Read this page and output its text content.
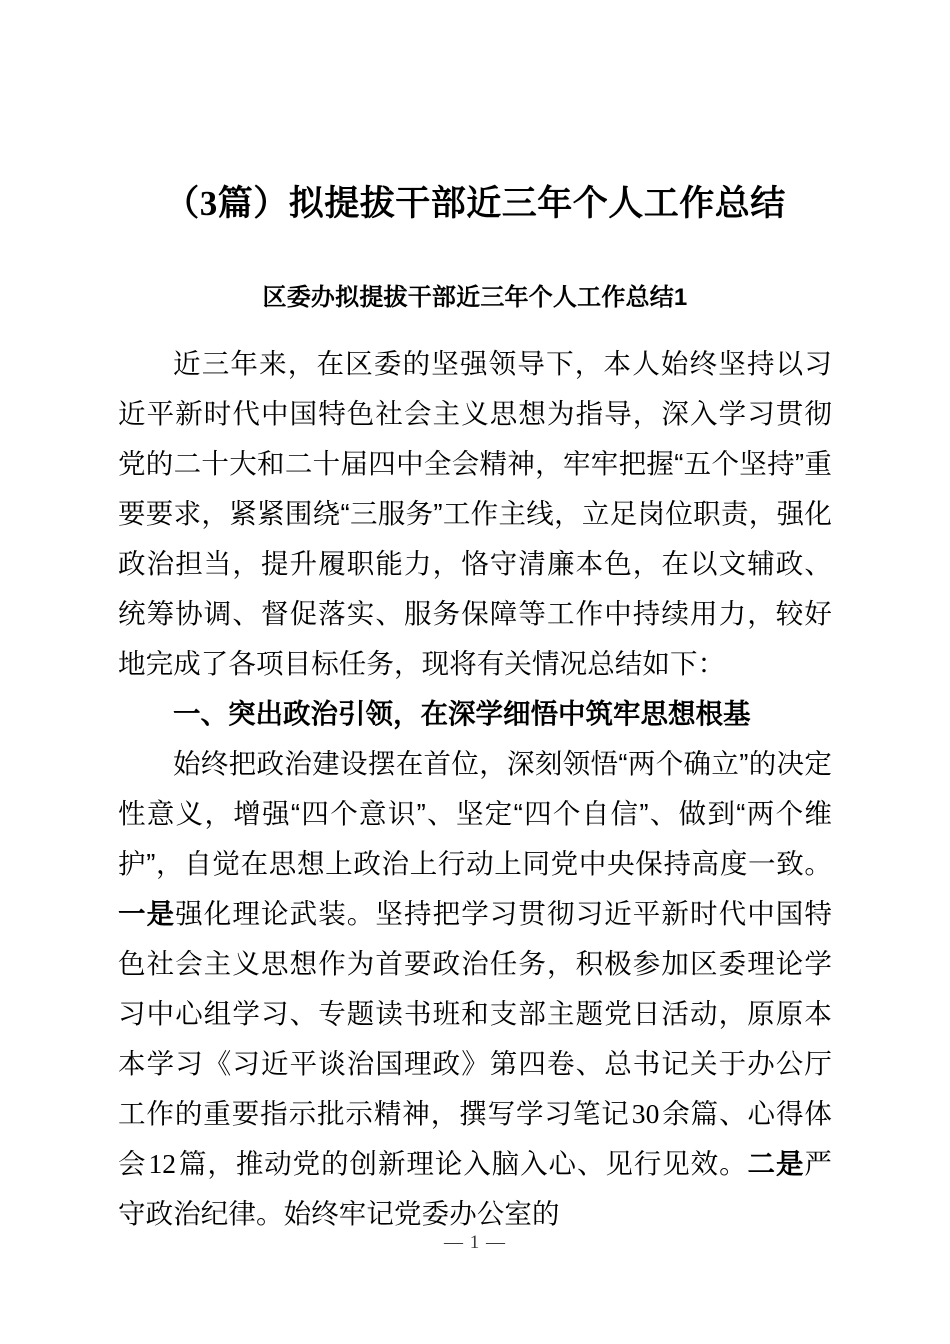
（3篇）拟提拔干部近三年个人工作总结
区委办拟提拔干部近三年个人工作总结1

近三年来，在区委的坚强领导下，本人始终坚持以习近平新时代中国特色社会主义思想为指导，深入学习贯彻党的二十大和二十届四中全会精神，牢牢把握“五个坚持”重要要求，紧紧围绕“三服务”工作主线，立足岗位职责，强化政治担当，提升履职能力，恪守清廉本色，在以文辅政、统筹协调、督促落实、服务保障等工作中持续用力，较好地完成了各项目标任务，现将有关情况总结如下：

一、突出政治引领，在深学细悟中筑牢思想根基

始终把政治建设摆在首位，深刻领悟“两个确立”的决定性意义，增强“四个意识”、坚定“四个自信”、做到“两个维护”，自觉在思想上政治上行动上同党中央保持高度一致。一是强化理论武装。坚持把学习贯彻习近平新时代中国特色社会主义思想作为首要政治任务，积极参加区委理论学习中心组学习、专题读书班和支部主题党日活动，原原本本学习《习近平谈治国理政》第四卷、总书记关于办公厅工作的重要指示批示精神，撰写学习笔记30余篇、心得体会12篇，推动党的创新理论入脑入心、见行见效。二是严守政治纪律。始终牢记党委办公室的

— 1 —
